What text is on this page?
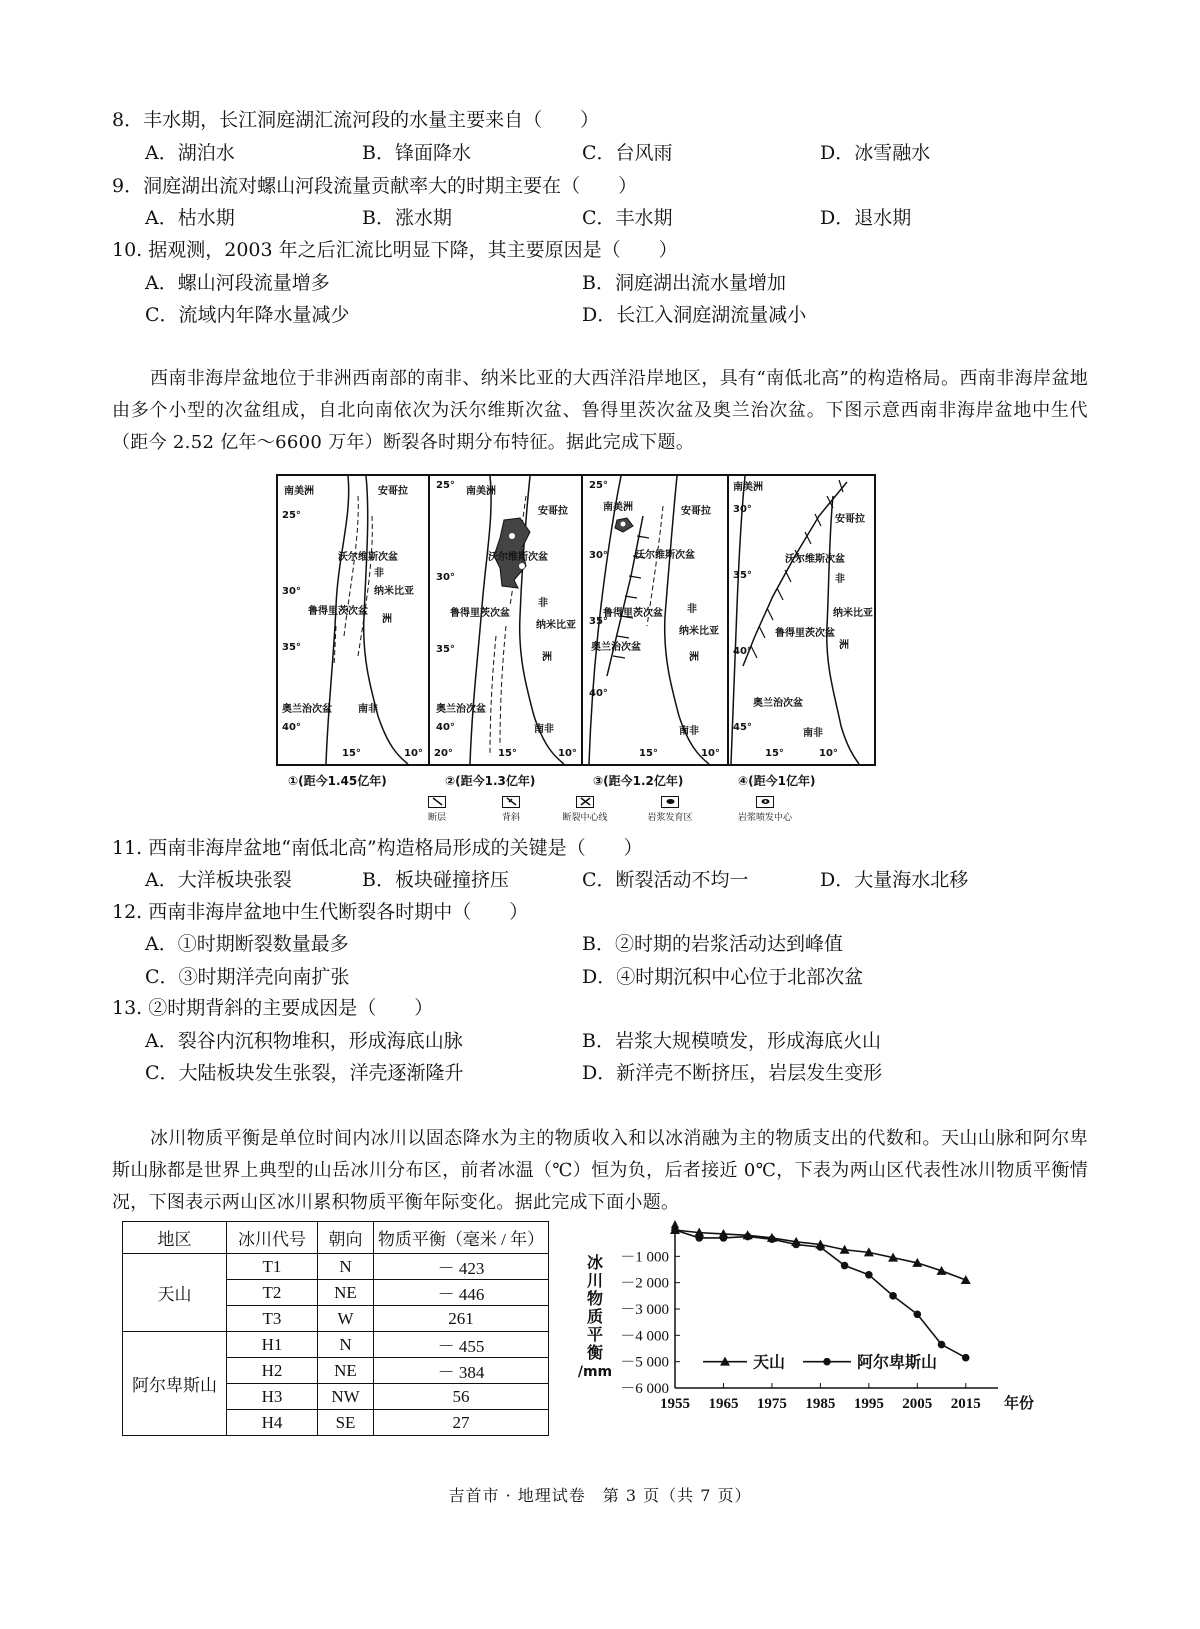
8．丰水期，长江洞庭湖汇流河段的水量主要来自（　　）
A．湖泊水	B．锋面降水	C．台风雨	D．冰雪融水
9．洞庭湖出流对螺山河段流量贡献率大的时期主要在（　　）
A．枯水期	B．涨水期	C．丰水期	D．退水期
10. 据观测，2003 年之后汇流比明显下降，其主要原因是（　　）
A．螺山河段流量增多	B．洞庭湖出流水量增加
C．流域内年降水量减少	D．长江入洞庭湖流量减小
西南非海岸盆地位于非洲西南部的南非、纳米比亚的大西洋沿岸地区，具有“南低北高”的构造格局。西南非海岸盆地由多个小型的次盆组成，自北向南依次为沃尔维斯次盆、鲁得里茨次盆及奥兰治次盆。下图示意西南非海岸盆地中生代（距今 2.52 亿年～6600 万年）断裂各时期分布特征。据此完成下题。
南美洲	安哥拉
25°
沃尔维斯次盆
非
30°	纳米比亚
鲁得里茨次盆
洲
35°
奥兰治次盆	南非
40°
15°	10°
25°
南美洲
安哥拉
沃尔维斯次盆
30°
鲁得里茨次盆
非
纳米比亚
35°
洲
奥兰治次盆
40°	南非
20°	15°	10°
25°
南美洲	安哥拉
30°	沃尔维斯次盆
鲁得里茨次盆 非
35°
纳米比亚
洲
奥兰治次盆
40°
南非
15°	10°
南美洲
30°
安哥拉
沃尔维斯次盆
35°	非
纳米比亚
鲁得里茨次盆
40°
洲
奥兰治次盆
45°
南非
15°	10°
①(距今1.45亿年)	②(距今1.3亿年)	③(距今1.2亿年)	④(距今1亿年)
断层	背斜	断裂中心线	岩浆发育区	岩浆喷发中心
11. 西南非海岸盆地“南低北高”构造格局形成的关键是（　　）
A．大洋板块张裂	B．板块碰撞挤压	C．断裂活动不均一	D．大量海水北移
12. 西南非海岸盆地中生代断裂各时期中（　　）
A．①时期断裂数量最多	B．②时期的岩浆活动达到峰值
C．③时期洋壳向南扩张	D．④时期沉积中心位于北部次盆
13. ②时期背斜的主要成因是（　　）
A．裂谷内沉积物堆积，形成海底山脉	B．岩浆大规模喷发，形成海底火山
C．大陆板块发生张裂，洋壳逐渐隆升	D．新洋壳不断挤压，岩层发生变形
冰川物质平衡是单位时间内冰川以固态降水为主的物质收入和以冰消融为主的物质支出的代数和。天山山脉和阿尔卑斯山脉都是世界上典型的山岳冰川分布区，前者冰温（℃）恒为负，后者接近 0℃，下表为两山区代表性冰川物质平衡情况，下图表示两山区冰川累积物质平衡年际变化。据此完成下面小题。
地区	冰川代号	朝向	物质平衡（毫米 / 年）
天山	T1	N	－ 423
	T2	NE	－ 446
	T3	W	261
阿尔卑斯山	H1	N	－ 455
	H2	NE	－ 384
	H3	NW	56
	H4	SE	27
－1 000
－2 000
－3 000
－4 000
－5 000
－6 000
1955 1965 1975 1985 1995 2005 2015 年份
冰
川
物
质
平
衡
/mm
天山	阿尔卑斯山
吉首市 · 地理试卷　第 3 页（共 7 页）
